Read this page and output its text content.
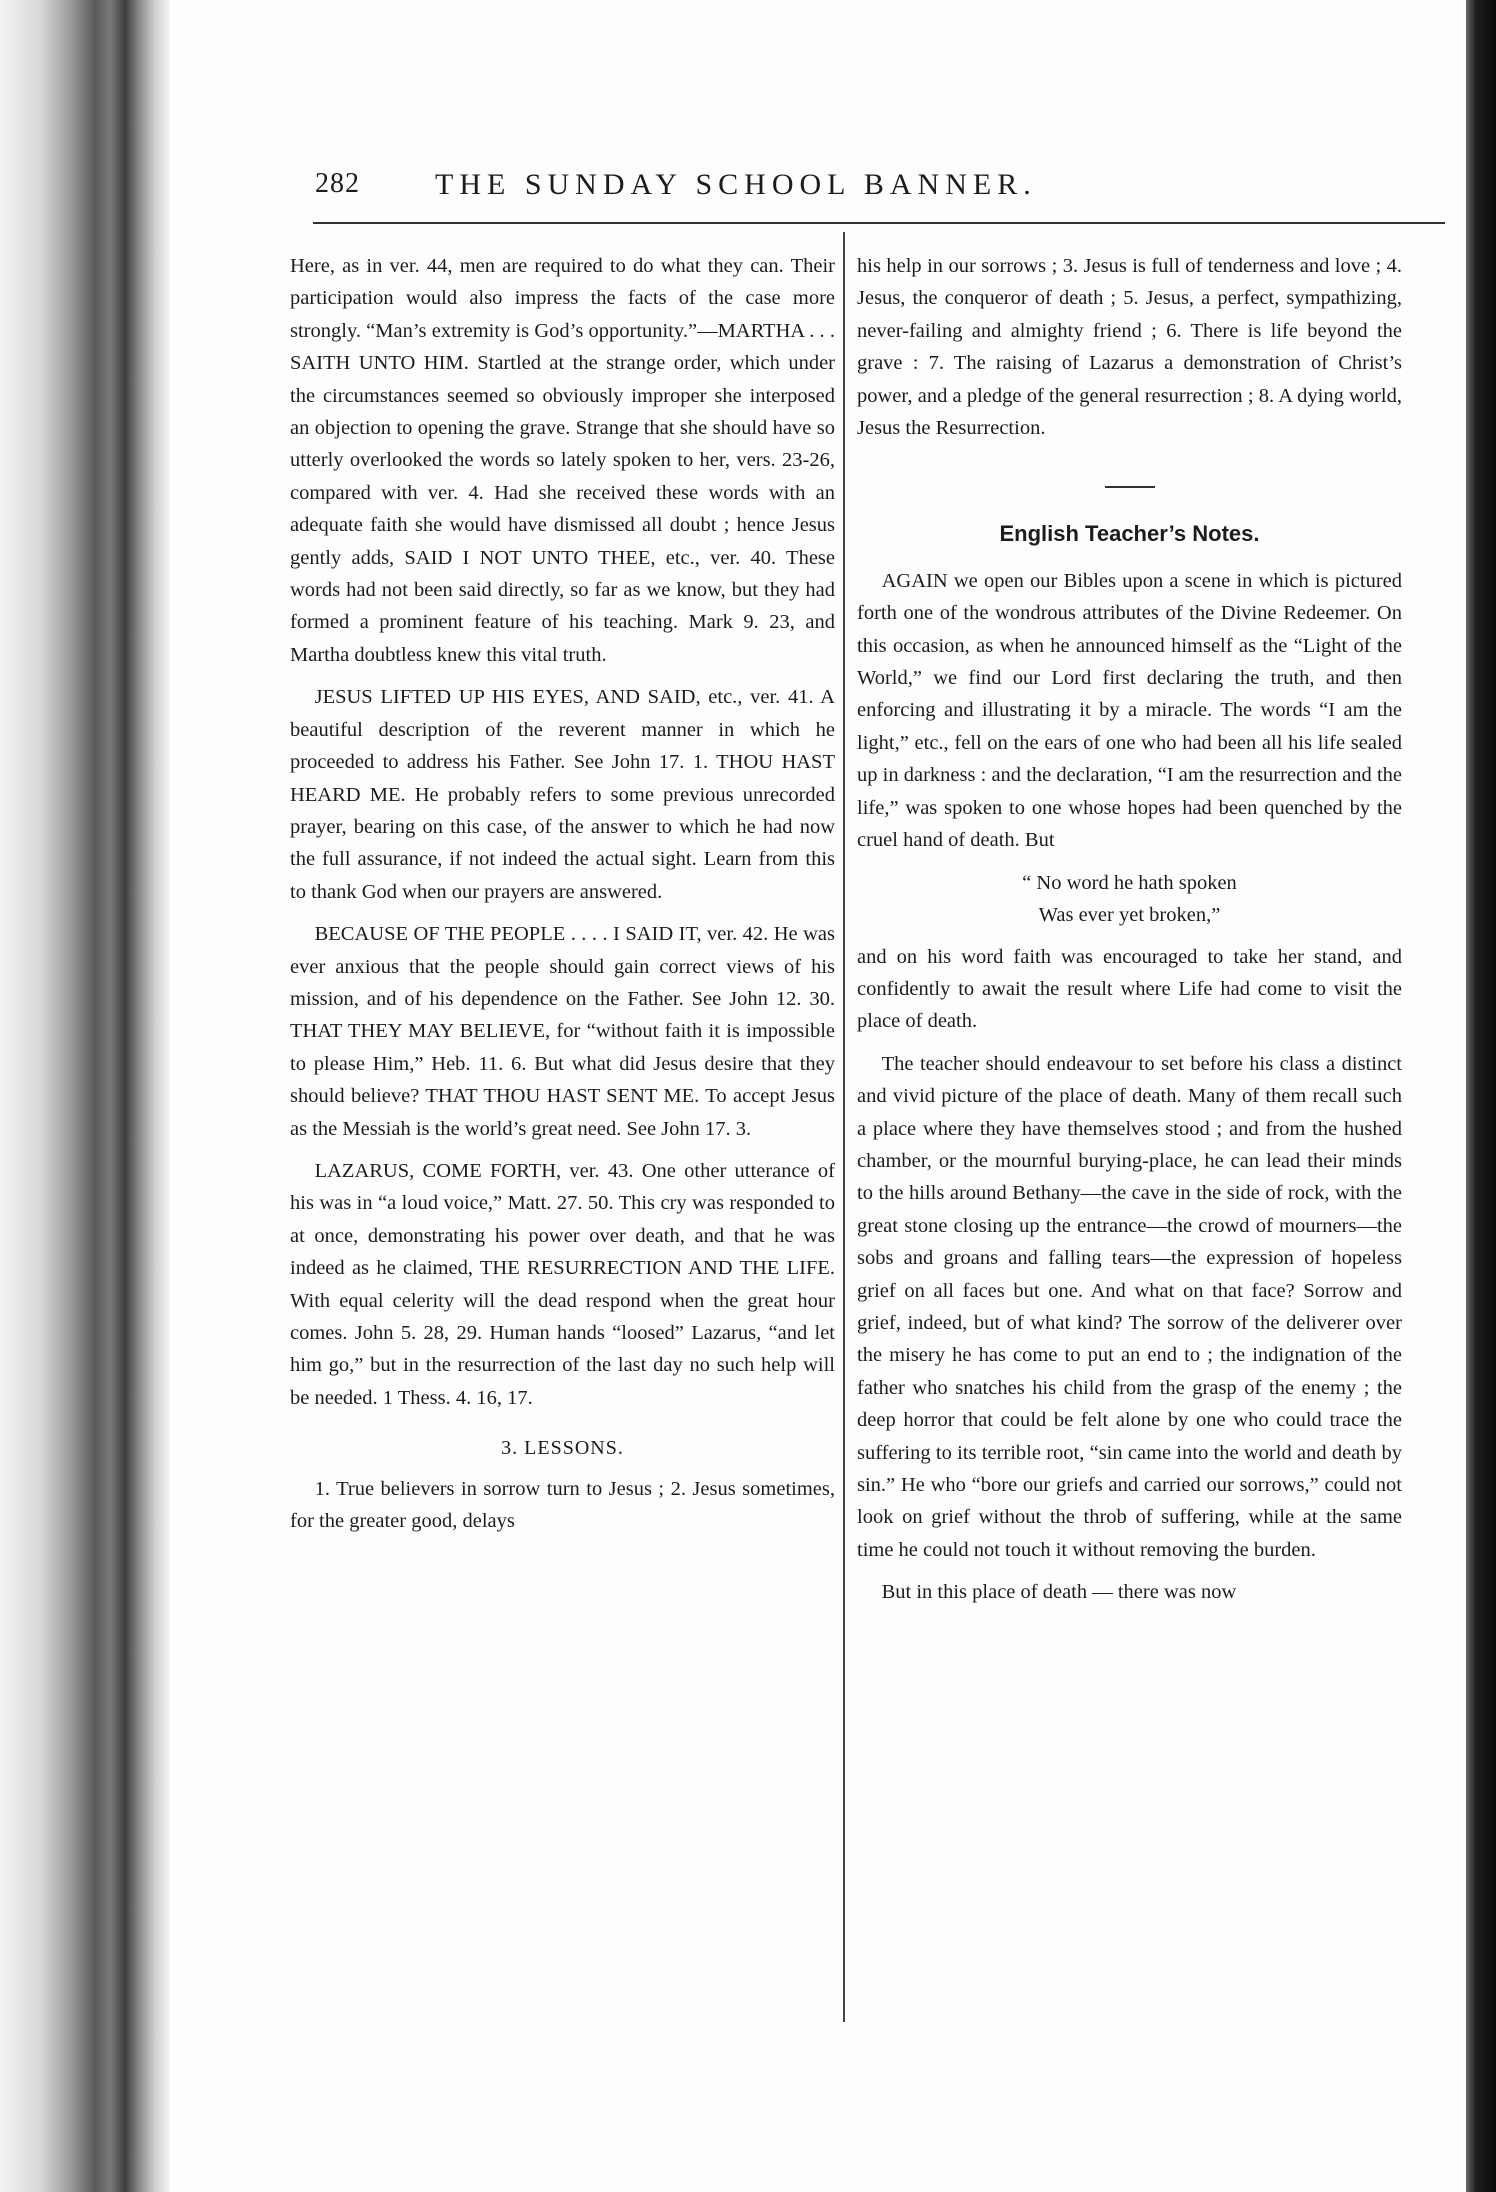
282	THE SUNDAY SCHOOL BANNER.

Here, as in ver. 44, men are required to do what they can. Their participation would also impress the facts of the case more strongly. “Man’s extremity is God’s opportunity.”—MARTHA . . . SAITH UNTO HIM. Startled at the strange order, which under the circumstances seemed so obviously improper she interposed an objection to opening the grave. Strange that she should have so utterly overlooked the words so lately spoken to her, vers. 23-26, compared with ver. 4. Had she received these words with an adequate faith she would have dismissed all doubt ; hence Jesus gently adds, SAID I NOT UNTO THEE, etc., ver. 40. These words had not been said directly, so far as we know, but they had formed a prominent feature of his teaching. Mark 9. 23, and Martha doubtless knew this vital truth.

JESUS LIFTED UP HIS EYES, AND SAID, etc., ver. 41. A beautiful description of the reverent manner in which he proceeded to address his Father. See John 17. 1. THOU HAST HEARD ME. He probably refers to some previous unrecorded prayer, bearing on this case, of the answer to which he had now the full assurance, if not indeed the actual sight. Learn from this to thank God when our prayers are answered.

BECAUSE OF THE PEOPLE . . . . I SAID IT, ver. 42. He was ever anxious that the people should gain correct views of his mission, and of his dependence on the Father. See John 12. 30. THAT THEY MAY BELIEVE, for “without faith it is impossible to please Him,” Heb. 11. 6. But what did Jesus desire that they should believe? THAT THOU HAST SENT ME. To accept Jesus as the Messiah is the world’s great need. See John 17. 3.

LAZARUS, COME FORTH, ver. 43. One other utterance of his was in “a loud voice,” Matt. 27. 50. This cry was responded to at once, demonstrating his power over death, and that he was indeed as he claimed, THE RESURRECTION AND THE LIFE. With equal celerity will the dead respond when the great hour comes. John 5. 28, 29. Human hands “loosed” Lazarus, “and let him go,” but in the resurrection of the last day no such help will be needed. 1 Thess. 4. 16, 17.

3. LESSONS.

1. True believers in sorrow turn to Jesus ; 2. Jesus sometimes, for the greater good, delays

his help in our sorrows ; 3. Jesus is full of tenderness and love ; 4. Jesus, the conqueror of death ; 5. Jesus, a perfect, sympathizing, never-failing and almighty friend ; 6. There is life beyond the grave : 7. The raising of Lazarus a demonstration of Christ’s power, and a pledge of the general resurrection ; 8. A dying world, Jesus the Resurrection.

English Teacher’s Notes.

AGAIN we open our Bibles upon a scene in which is pictured forth one of the wondrous attributes of the Divine Redeemer. On this occasion, as when he announced himself as the “Light of the World,” we find our Lord first declaring the truth, and then enforcing and illustrating it by a miracle. The words “I am the light,” etc., fell on the ears of one who had been all his life sealed up in darkness : and the declaration, “I am the resurrection and the life,” was spoken to one whose hopes had been quenched by the cruel hand of death. But

“ No word he hath spoken
Was ever yet broken,”

and on his word faith was encouraged to take her stand, and confidently to await the result where Life had come to visit the place of death.

The teacher should endeavour to set before his class a distinct and vivid picture of the place of death. Many of them recall such a place where they have themselves stood ; and from the hushed chamber, or the mournful burying-place, he can lead their minds to the hills around Bethany—the cave in the side of rock, with the great stone closing up the entrance—the crowd of mourners—the sobs and groans and falling tears—the expression of hopeless grief on all faces but one. And what on that face? Sorrow and grief, indeed, but of what kind? The sorrow of the deliverer over the misery he has come to put an end to ; the indignation of the father who snatches his child from the grasp of the enemy ; the deep horror that could be felt alone by one who could trace the suffering to its terrible root, “sin came into the world and death by sin.” He who “bore our griefs and carried our sorrows,” could not look on grief without the throb of suffering, while at the same time he could not touch it without removing the burden.

But in this place of death — there was now
